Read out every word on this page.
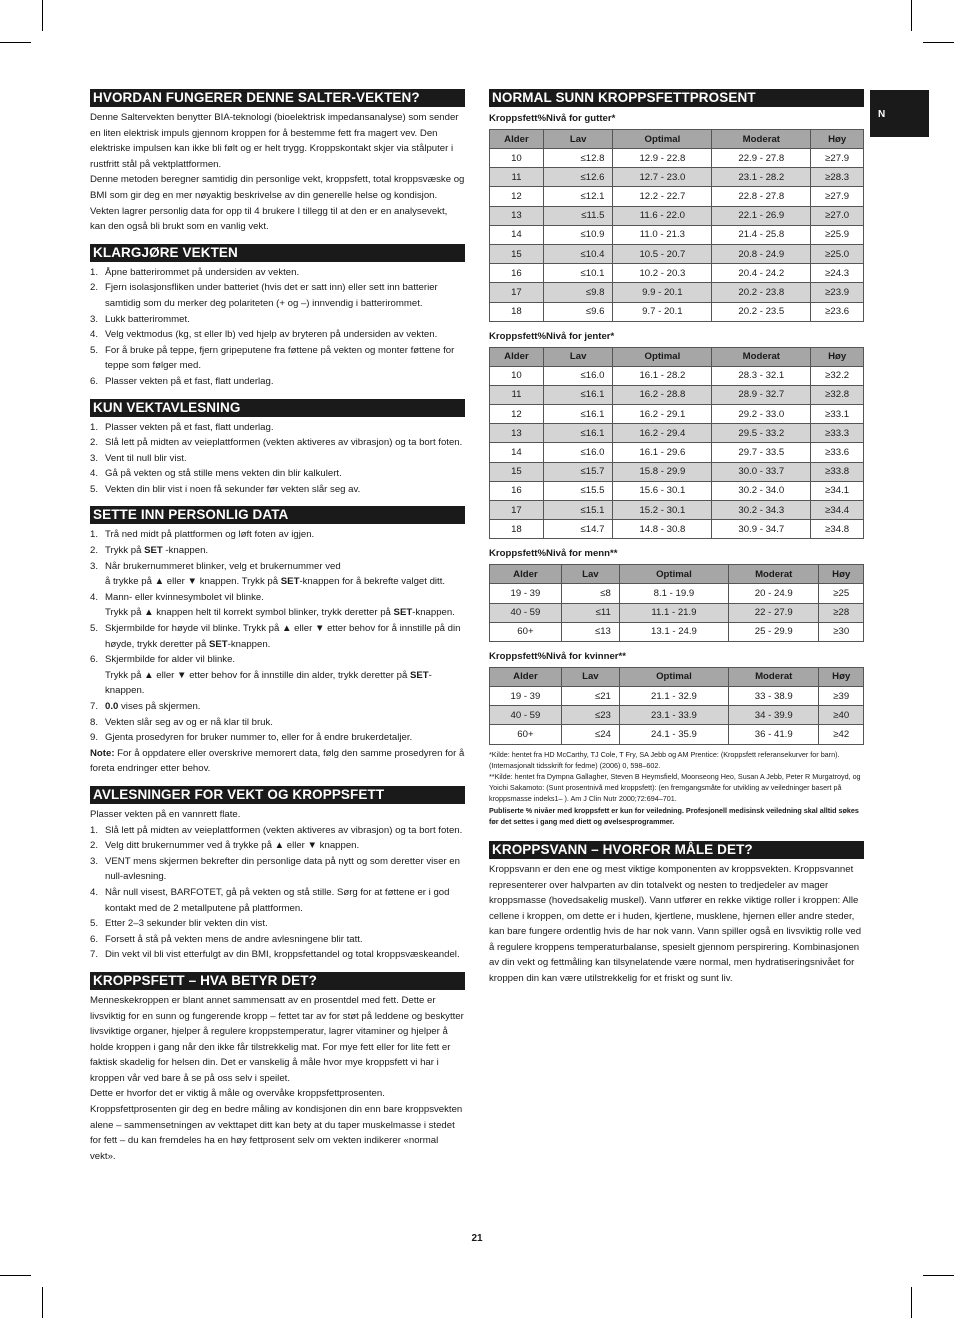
N
HVORDAN FUNGERER DENNE SALTER-VEKTEN?

Denne Saltervekten benytter BIA-teknologi (bioelektrisk impedansanalyse) som sender en liten elektrisk impuls gjennom kroppen for å bestemme fett fra magert vev. Den elektriske impulsen kan ikke bli følt og er helt trygg. Kroppskontakt skjer via stålputer i rustfritt stål på vektplattformen.

Denne metoden beregner samtidig din personlige vekt, kroppsfett, total kroppsvæske og BMI som gir deg en mer nøyaktig beskrivelse av din generelle helse og kondisjon. Vekten lagrer personlig data for opp til 4 brukere I tillegg til at den er en analysevekt, kan den også bli brukt som en vanlig vekt.

KLARGJØRE VEKTEN
1. Åpne batterirommet på undersiden av vekten.
2. Fjern isolasjonsfliken under batteriet (hvis det er satt inn) eller sett inn batterier samtidig som du merker deg polariteten (+ og –) innvendig i batterirommet.
3. Lukk batterirommet.
4. Velg vektmodus (kg, st eller lb) ved hjelp av bryteren på undersiden av vekten.
5. For å bruke på teppe, fjern gripeputene fra føttene på vekten og monter føttene for teppe som følger med.
6. Plasser vekten på et fast, flatt underlag.
KUN VEKTAVLESNING
1. Plasser vekten på et fast, flatt underlag.
2. Slå lett på midten av veieplattformen (vekten aktiveres av vibrasjon) og ta bort foten.
3. Vent til null blir vist.
4. Gå på vekten og stå stille mens vekten din blir kalkulert.
5. Vekten din blir vist i noen få sekunder før vekten slår seg av.
SETTE INN PERSONLIG DATA
1. Trå ned midt på plattformen og løft foten av igjen.
2. Trykk på SET -knappen.
3. Når brukernummeret blinker, velg et brukernummer ved
å trykke på ▲ eller ▼ knappen. Trykk på SET-knappen for å bekrefte valget ditt.
4. Mann- eller kvinnesymbolet vil blinke.
Trykk på ▲ knappen helt til korrekt symbol blinker, trykk deretter på SET-knappen.
5. Skjermbilde for høyde vil blinke. Trykk på ▲ eller ▼ etter behov for å innstille på din høyde, trykk deretter på SET-knappen.
6. Skjermbilde for alder vil blinke.
Trykk på ▲ eller ▼ etter behov for å innstille din alder, trykk deretter på SET-knappen.
7. 0.0 vises på skjermen.
8. Vekten slår seg av og er nå klar til bruk.
9. Gjenta prosedyren for bruker nummer to, eller for å endre brukerdetaljer.
Note: For å oppdatere eller overskrive memorert data, følg den samme prosedyren for å foreta endringer etter behov.
AVLESNINGER FOR VEKT OG KROPPSFETT
Plasser vekten på en vannrett flate.
1. Slå lett på midten av veieplattformen (vekten aktiveres av vibrasjon) og ta bort foten.
2. Velg ditt brukernummer ved å trykke på ▲ eller ▼ knappen.
3. VENT mens skjermen bekrefter din personlige data på nytt og som deretter viser en null-avlesning.
4. Når null visest, BARFOTET, gå på vekten og stå stille. Sørg for at føttene er i god kontakt med de 2 metallputene på plattformen.
5. Etter 2–3 sekunder blir vekten din vist.
6. Forsett å stå på vekten mens de andre avlesningene blir tatt.
7. Din vekt vil bli vist etterfulgt av din BMI, kroppsfettandel og total kroppsvæskeandel.
KROPPSFETT – HVA BETYR DET?

Menneskekroppen er blant annet sammensatt av en prosentdel med fett. Dette er livsviktig for en sunn og fungerende kropp – fettet tar av for støt på leddene og beskytter livsviktige organer, hjelper å regulere kroppstemperatur, lagrer vitaminer og hjelper å holde kroppen i gang når den ikke får tilstrekkelig mat. For mye fett eller for lite fett er faktisk skadelig for helsen din. Det er vanskelig å måle hvor mye kroppsfett vi har i kroppen vår ved bare å se på oss selv i speilet.

Dette er hvorfor det er viktig å måle og overvåke kroppsfettprosenten.

Kroppsfettprosenten gir deg en bedre måling av kondisjonen din enn bare kroppsvekten alene – sammensetningen av vekttapet ditt kan bety at du taper muskelmasse i stedet for fett – du kan fremdeles ha en høy fettprosent selv om vekten indikerer «normal vekt».

NORMAL SUNN KROPPSFETTPROSENT
Kroppsfett%Nivå for gutter*
Alder	Lav	Optimal	Moderat	Høy
10	≤12.8	12.9 - 22.8	22.9 - 27.8	≥27.9
11	≤12.6	12.7 - 23.0	23.1 - 28.2	≥28.3
12	≤12.1	12.2 - 22.7	22.8 - 27.8	≥27.9
13	≤11.5	11.6 - 22.0	22.1 - 26.9	≥27.0
14	≤10.9	11.0 - 21.3	21.4 - 25.8	≥25.9
15	≤10.4	10.5 - 20.7	20.8 - 24.9	≥25.0
16	≤10.1	10.2 - 20.3	20.4 - 24.2	≥24.3
17	≤9.8	9.9 - 20.1	20.2 - 23.8	≥23.9
18	≤9.6	9.7 - 20.1	20.2 - 23.5	≥23.6
Kroppsfett%Nivå for jenter*
Alder	Lav	Optimal	Moderat	Høy
10	≤16.0	16.1 - 28.2	28.3 - 32.1	≥32.2
11	≤16.1	16.2 - 28.8	28.9 - 32.7	≥32.8
12	≤16.1	16.2 - 29.1	29.2 - 33.0	≥33.1
13	≤16.1	16.2 - 29.4	29.5 - 33.2	≥33.3
14	≤16.0	16.1 - 29.6	29.7 - 33.5	≥33.6
15	≤15.7	15.8 - 29.9	30.0 - 33.7	≥33.8
16	≤15.5	15.6 - 30.1	30.2 - 34.0	≥34.1
17	≤15.1	15.2 - 30.1	30.2 - 34.3	≥34.4
18	≤14.7	14.8 - 30.8	30.9 - 34.7	≥34.8
Kroppsfett%Nivå for menn**
Alder	Lav	Optimal	Moderat	Høy
19 - 39	≤8	8.1 - 19.9	20 - 24.9	≥25
40 - 59	≤11	11.1 - 21.9	22 - 27.9	≥28
60+	≤13	13.1 - 24.9	25 - 29.9	≥30
Kroppsfett%Nivå for kvinner**
Alder	Lav	Optimal	Moderat	Høy
19 - 39	≤21	21.1 - 32.9	33 - 38.9	≥39
40 - 59	≤23	23.1 - 33.9	34 - 39.9	≥40
60+	≤24	24.1 - 35.9	36 - 41.9	≥42
*Kilde: hentet fra HD McCarthy, TJ Cole, T Fry, SA Jebb og AM Prentice: (Kroppsfett referansekurver for barn). (Internasjonalt tidsskrift for fedme) (2006) 0, 598–602.
**Kilde: hentet fra Dympna Gallagher, Steven B Heymsfield, Moonseong Heo, Susan A Jebb, Peter R Murgatroyd, og Yoichi Sakamoto: (Sunt prosentnivå med kroppsfett): (en fremgangsmåte for utvikling av veiledninger basert på kroppsmasse indeks1– ). Am J Clin Nutr 2000;72:694–701.
Publiserte % nivåer med kroppsfett er kun for veiledning. Profesjonell medisinsk veiledning skal alltid søkes før det settes i gang med diett og øvelsesprogrammer.
KROPPSVANN – HVORFOR MÅLE DET?
Kroppsvann er den ene og mest viktige komponenten av kroppsvekten. Kroppsvannet representerer over halvparten av din totalvekt og nesten to tredjedeler av mager kroppsmasse (hovedsakelig muskel). Vann utfører en rekke viktige roller i kroppen: Alle cellene i kroppen, om dette er i huden, kjertlene, musklene, hjernen eller andre steder, kan bare fungere ordentlig hvis de har nok vann. Vann spiller også en livsviktig rolle ved å regulere kroppens temperaturbalanse, spesielt gjennom perspirering. Kombinasjonen av din vekt og fettmåling kan tilsynelatende være normal, men hydratiseringsnivået for kroppen din kan være utilstrekkelig for et friskt og sunt liv.
21
